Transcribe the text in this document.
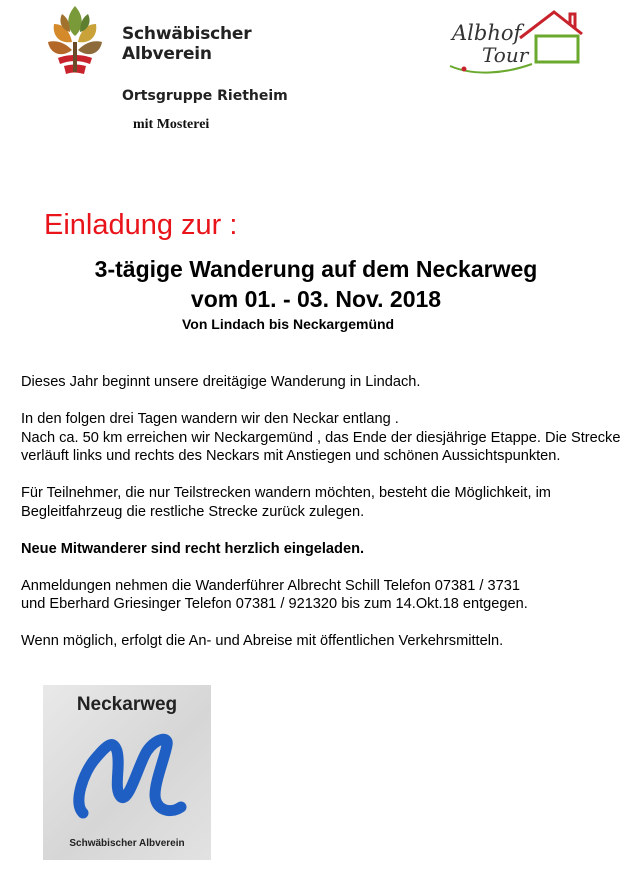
Schwäbischer
Albverein
Ortsgruppe Rietheim
mit Mosterei
Albhof
Tour
Einladung zur :
3-tägige Wanderung auf dem Neckarweg
vom 01. - 03. Nov. 2018
Von Lindach bis Neckargemünd

Dieses Jahr beginnt unsere dreitägige Wanderung in Lindach.

In den folgen drei Tagen wandern wir den Neckar entlang .
Nach ca. 50 km erreichen wir Neckargemünd , das Ende der diesjährige Etappe. Die Strecke verläuft links und rechts des Neckars mit Anstiegen und schönen Aussichtspunkten.

Für Teilnehmer, die nur Teilstrecken wandern möchten, besteht die Möglichkeit, im Begleitfahrzeug die restliche Strecke zurück zulegen.

Neue Mitwanderer sind recht herzlich eingeladen.

Anmeldungen nehmen die Wanderführer Albrecht Schill Telefon 07381 / 3731
und Eberhard Griesinger Telefon 07381 / 921320 bis zum 14.Okt.18 entgegen.

Wenn möglich, erfolgt die An- und Abreise mit öffentlichen Verkehrsmitteln.

Neckarweg
Schwäbischer Albverein
